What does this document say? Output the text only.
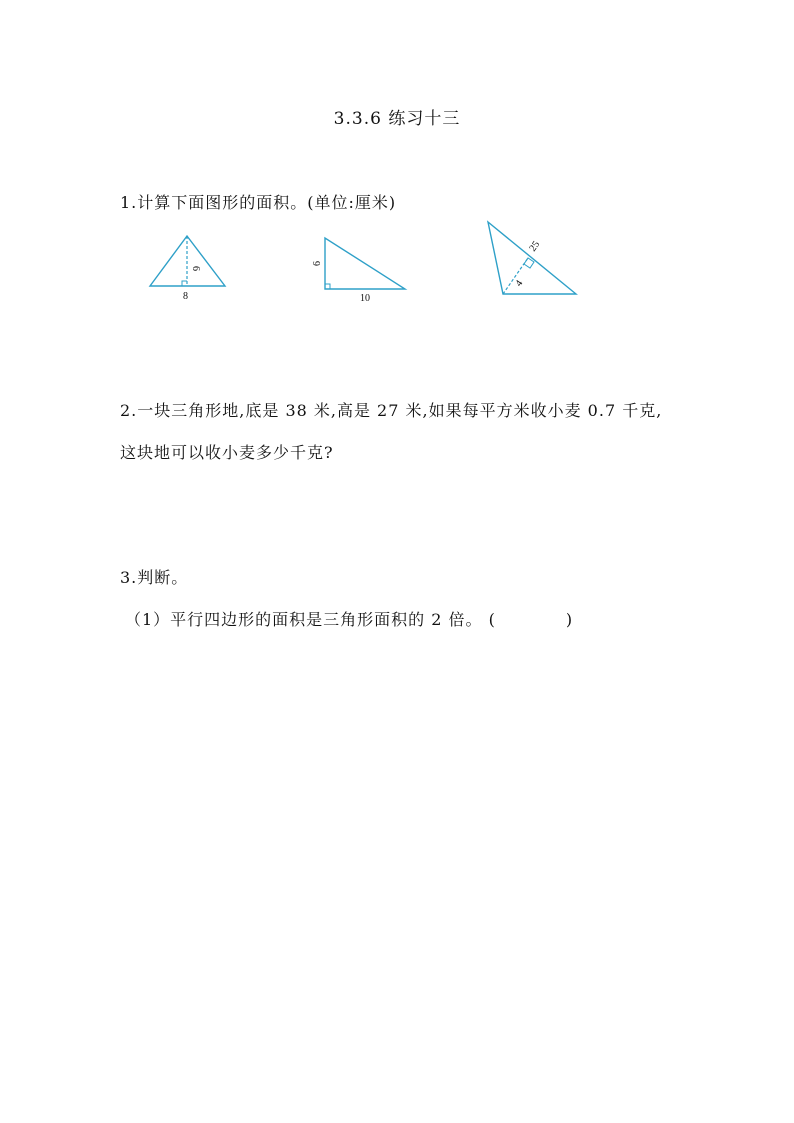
3.3.6 练习十三

1.计算下面图形的面积。(单位:厘米)

8
6
10
6
25
4

2.一块三角形地,底是 38 米,高是 27 米,如果每平方米收小麦 0.7 千克,

这块地可以收小麦多少千克?

3.判断。

（1）平行四边形的面积是三角形面积的 2 倍。 (	)
